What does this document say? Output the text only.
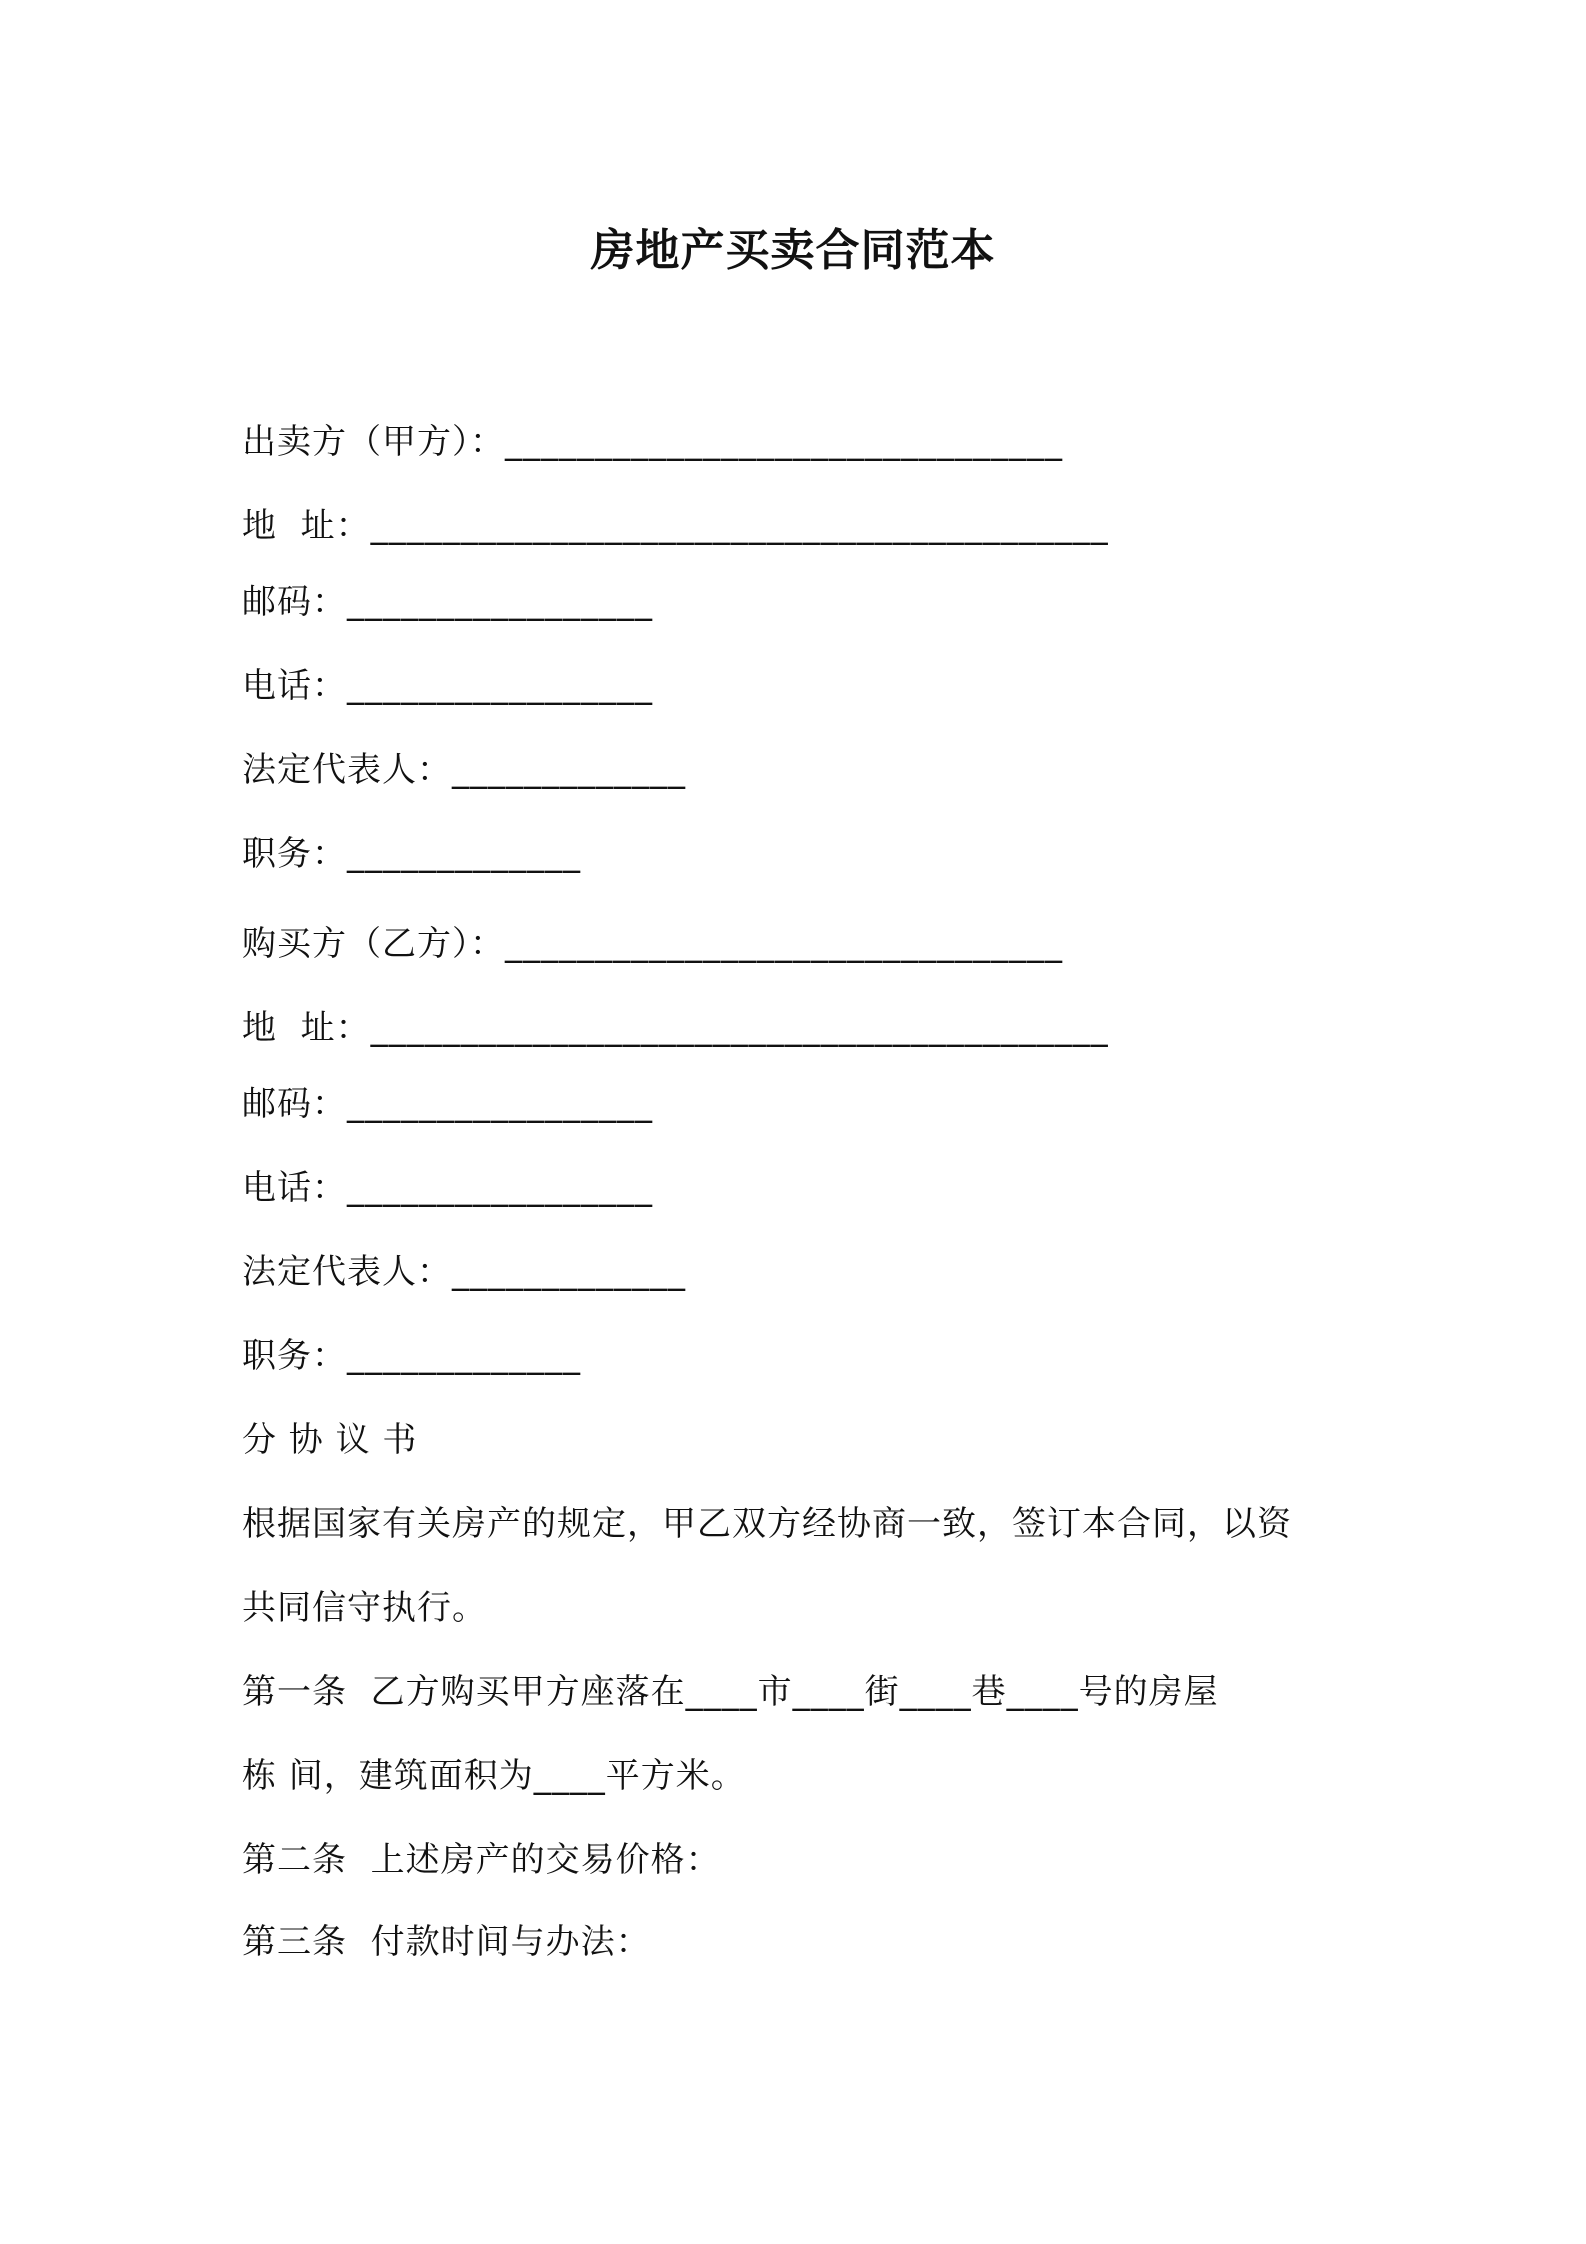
房地产买卖合同范本
出卖方（甲方）：_______________________________
地  址：_________________________________________
邮码：_________________
电话：_________________
法定代表人：_____________
职务：_____________
购买方（乙方）：_______________________________
地  址：_________________________________________
邮码：_________________
电话：_________________
法定代表人：_____________
职务：_____________
分 协 议 书
根据国家有关房产的规定，甲乙双方经协商一致，签订本合同，以资
共同信守执行。
第一条  乙方购买甲方座落在____市____街____巷____号的房屋
栋 间，建筑面积为____平方米。
第二条  上述房产的交易价格：
第三条  付款时间与办法：
